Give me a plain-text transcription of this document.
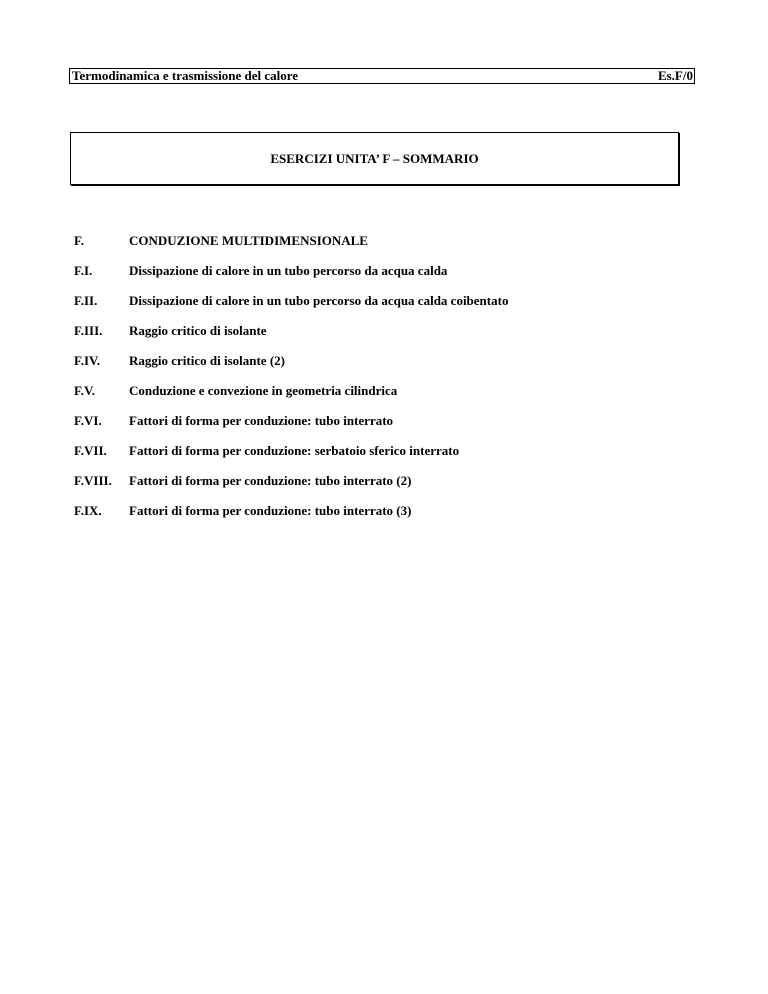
Termodinamica e trasmissione del calore	Es.F/0
ESERCIZI UNITA’ F – SOMMARIO
F.	CONDUZIONE MULTIDIMENSIONALE
F.I.	Dissipazione di calore in un tubo percorso da acqua calda
F.II. Dissipazione di calore in un tubo percorso da acqua calda coibentato
F.III. Raggio critico di isolante
F.IV. Raggio critico di isolante (2)
F.V.	Conduzione e convezione in geometria cilindrica
F.VI. Fattori di forma per conduzione: tubo interrato
F.VII. Fattori di forma per conduzione: serbatoio sferico interrato
F.VIII. Fattori di forma per conduzione: tubo interrato (2)
F.IX. Fattori di forma per conduzione: tubo interrato (3)
